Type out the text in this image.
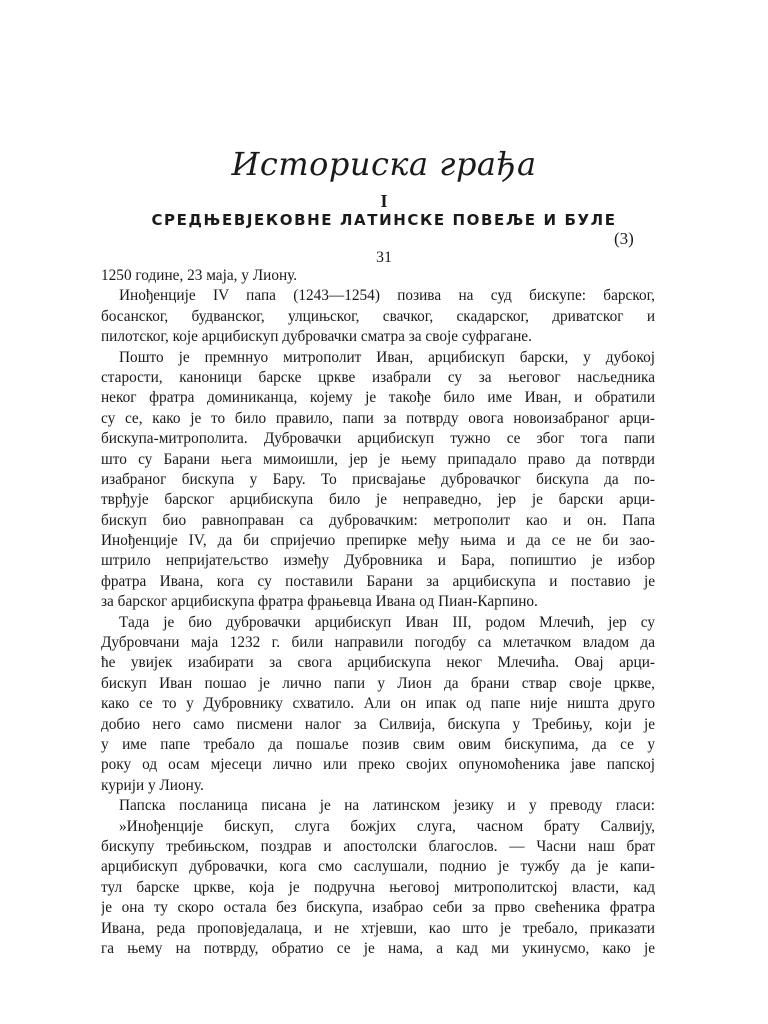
Историска грађа
I
СРЕДЊЕВЈЕКОВНЕ ЛАТИНСКЕ ПОВЕЉЕ И БУЛЕ
(3)
31
1250 године, 23 маја, у Лиону.
Инођенције IV папа (1243—1254) позива на суд бискупе: барског,
босанског, будванског, улцињског, свачког, скадарског, дриватског и
пилотског, које арцибискуп дубровачки сматра за своје суфрагане.
Пошто је премннуо митрополит Иван, арцибискуп барски, у дубокој
старости, каноници барске цркве изабрали су за његовог насљедника
неког фратра доминиканца, којему је такође било име Иван, и обратили
су се, како је то било правило, папи за потврду овога новоизабраног арци-
бискупа-митрополита. Дубровачки арцибискуп тужно се због тога папи
што су Барани њега мимоишли, јер је њему припадало право да потврди
изабраног бискупа у Бару. То присвајање дубровачког бискупа да по-
тврђује барског арцибискупа било је неправедно, јер је барски арци-
бискуп био равноправан са дубровачким: метрополит као и он. Папа
Инођенције IV, да би спријечио препирке међу њима и да се не би зао-
штрило непријатељство између Дубровника и Бара, попиштио је избор
фратра Ивана, кога су поставили Барани за арцибискупа и поставио је
за барског арцибискупа фратра фрањевца Ивана од Пиан-Карпино.
Тада је био дубровачки арцибискуп Иван III, родом Млечић, јер су
Дубровчани маја 1232 г. били направили погодбу са млетачком владом да
ће увијек изабирати за свога арцибискупа неког Млечића. Овај арци-
бискуп Иван пошао је лично папи у Лион да брани ствар своје цркве,
како се то у Дубровнику схватило. Али он ипак од папе није ништа друго
добио него само писмени налог за Силвија, бискупа у Требињу, који је
у име папе требало да пошаље позив свим овим бискупима, да се у
року од осам мјесеци лично или преко својих опуномоћеника јаве папској
курији у Лиону.
Папска посланица писана је на латинском језику и у преводу гласи:
»Инођенције бискуп, слуга божјих слуга, часном брату Салвију,
бискупу требињском, поздрав и апостолски благослов. — Часни наш брат
арцибискуп дубровачки, кога смо саслушали, поднио је тужбу да је капи-
тул барске цркве, која је подручна његовој митрополитској власти, кад
је она ту скоро остала без бискупа, изабрао себи за прво свећеника фратра
Ивана, реда проповједалаца, и не хтјевши, као што је требало, приказати
га њему на потврду, обратио се је нама, а кад ми укинусмо, како је
